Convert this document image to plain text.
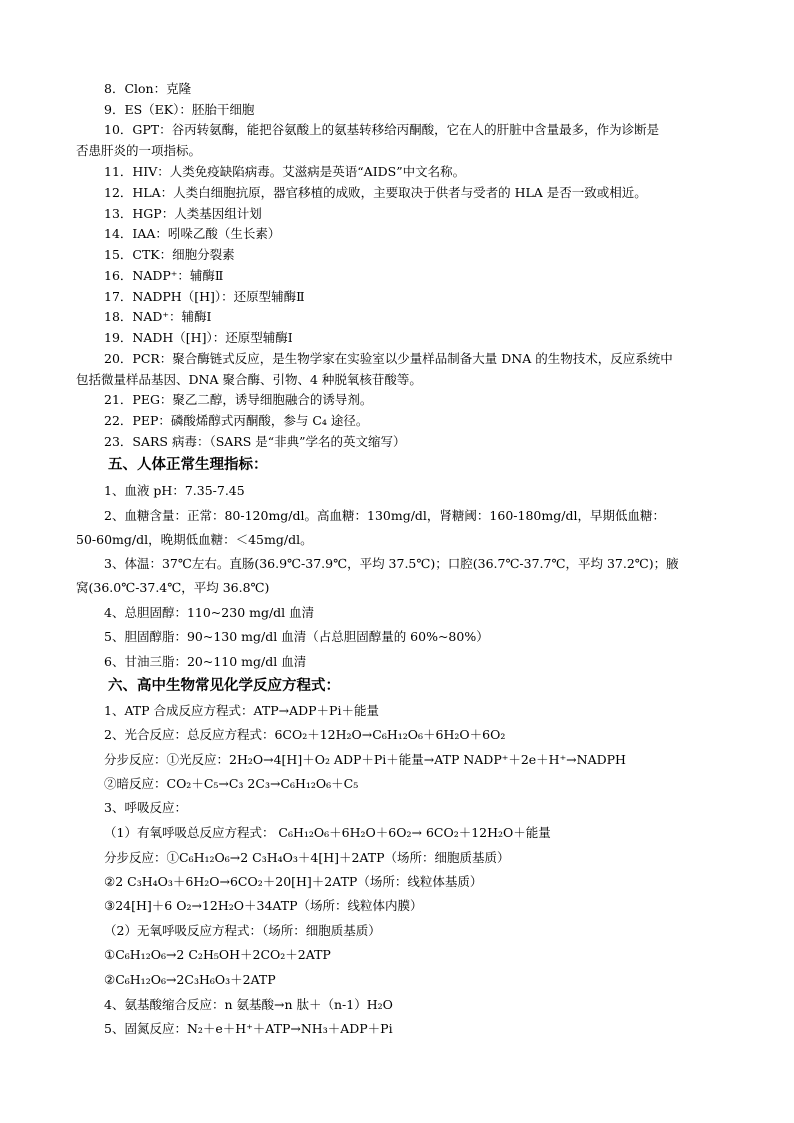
8．Clon：克隆
9．ES（EK）：胚胎干细胞
10．GPT：谷丙转氨酶，能把谷氨酸上的氨基转移给丙酮酸，它在人的肝脏中含量最多，作为诊断是
否患肝炎的一项指标。
11．HIV：人类免疫缺陷病毒。艾滋病是英语“AIDS”中文名称。
12．HLA：人类白细胞抗原，器官移植的成败，主要取决于供者与受者的 HLA 是否一致或相近。
13．HGP：人类基因组计划
14．IAA：吲哚乙酸（生长素）
15．CTK：细胞分裂素
16．NADP⁺：辅酶Ⅱ
17．NADPH（[H]）：还原型辅酶Ⅱ
18．NAD⁺：辅酶Ⅰ
19．NADH（[H]）：还原型辅酶Ⅰ
20．PCR：聚合酶链式反应，是生物学家在实验室以少量样品制备大量 DNA 的生物技术，反应系统中
包括微量样品基因、DNA 聚合酶、引物、4 种脱氧核苷酸等。
21．PEG：聚乙二醇，诱导细胞融合的诱导剂。
22．PEP：磷酸烯醇式丙酮酸，参与 C₄ 途径。
23．SARS 病毒：（SARS 是“非典”学名的英文缩写）
五、人体正常生理指标：
1、血液 pH：7.35-7.45
2、血糖含量：正常：80-120mg/dl。高血糖：130mg/dl，肾糖阈：160-180mg/dl，早期低血糖：
50-60mg/dl，晚期低血糖：＜45mg/dl。
3、体温：37℃左右。直肠(36.9℃-37.9℃，平均 37.5℃)；口腔(36.7℃-37.7℃，平均 37.2℃)；腋
窝(36.0℃-37.4℃，平均 36.8℃)
4、总胆固醇：110~230 mg/dl 血清
5、胆固醇脂：90~130 mg/dl 血清（占总胆固醇量的 60%~80%）
6、甘油三脂：20~110 mg/dl 血清
六、高中生物常见化学反应方程式：
1、ATP 合成反应方程式：ATP→ADP＋Pi＋能量
2、光合反应：总反应方程式：6CO₂＋12H₂O→C₆H₁₂O₆＋6H₂O＋6O₂
分步反应：①光反应：2H₂O→4[H]＋O₂ ADP＋Pi＋能量→ATP NADP⁺＋2e＋H⁺→NADPH
②暗反应：CO₂＋C₅→C₃ 2C₃→C₆H₁₂O₆＋C₅
3、呼吸反应：
（1）有氧呼吸总反应方程式： C₆H₁₂O₆＋6H₂O＋6O₂→ 6CO₂＋12H₂O＋能量
分步反应：①C₆H₁₂O₆→2 C₃H₄O₃＋4[H]＋2ATP（场所：细胞质基质）
②2 C₃H₄O₃＋6H₂O→6CO₂＋20[H]＋2ATP（场所：线粒体基质）
③24[H]＋6 O₂→12H₂O＋34ATP（场所：线粒体内膜）
（2）无氧呼吸反应方程式：（场所：细胞质基质）
①C₆H₁₂O₆→2 C₂H₅OH＋2CO₂＋2ATP
②C₆H₁₂O₆→2C₃H₆O₃＋2ATP
4、氨基酸缩合反应：n 氨基酸→n 肽＋（n-1）H₂O
5、固氮反应：N₂＋e＋H⁺＋ATP→NH₃＋ADP＋Pi
